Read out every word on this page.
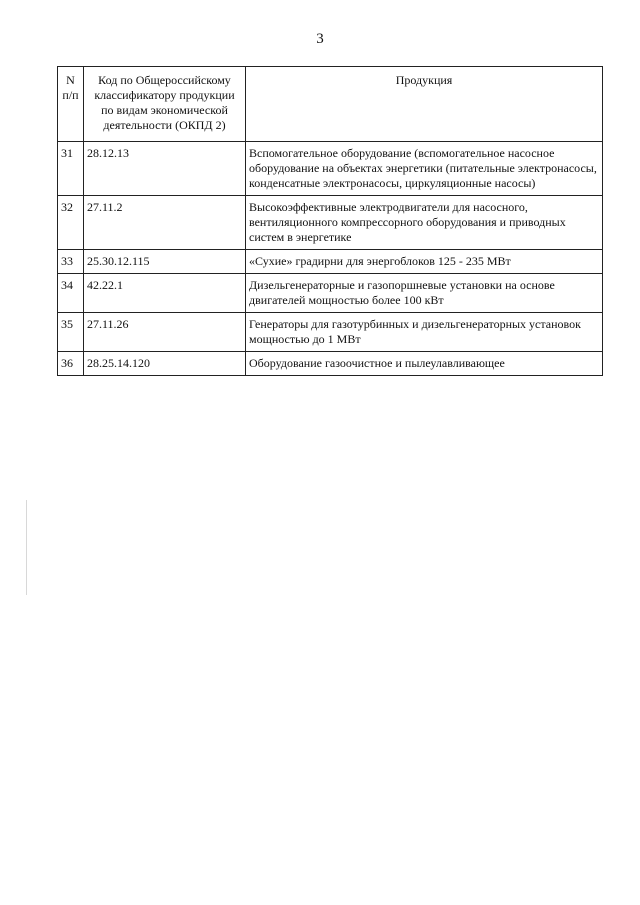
3
N п/п	Код по Общероссийскому классификатору продукции по видам экономической деятельности (ОКПД 2)	Продукция
31	28.12.13	Вспомогательное оборудование (вспомогательное насосное оборудование на объектах энергетики (питательные электронасосы, конденсатные электронасосы, циркуляционные насосы)
32	27.11.2	Высокоэффективные электродвигатели для насосного, вентиляционного компрессорного оборудования и приводных систем в энергетике
33	25.30.12.115	«Сухие» градирни для энергоблоков 125 - 235 МВт
34	42.22.1	Дизельгенераторные и газопоршневые установки на основе двигателей мощностью более 100 кВт
35	27.11.26	Генераторы для газотурбинных и дизельгенераторных установок мощностью до 1 МВт
36	28.25.14.120	Оборудование газоочистное и пылеулавливающее
